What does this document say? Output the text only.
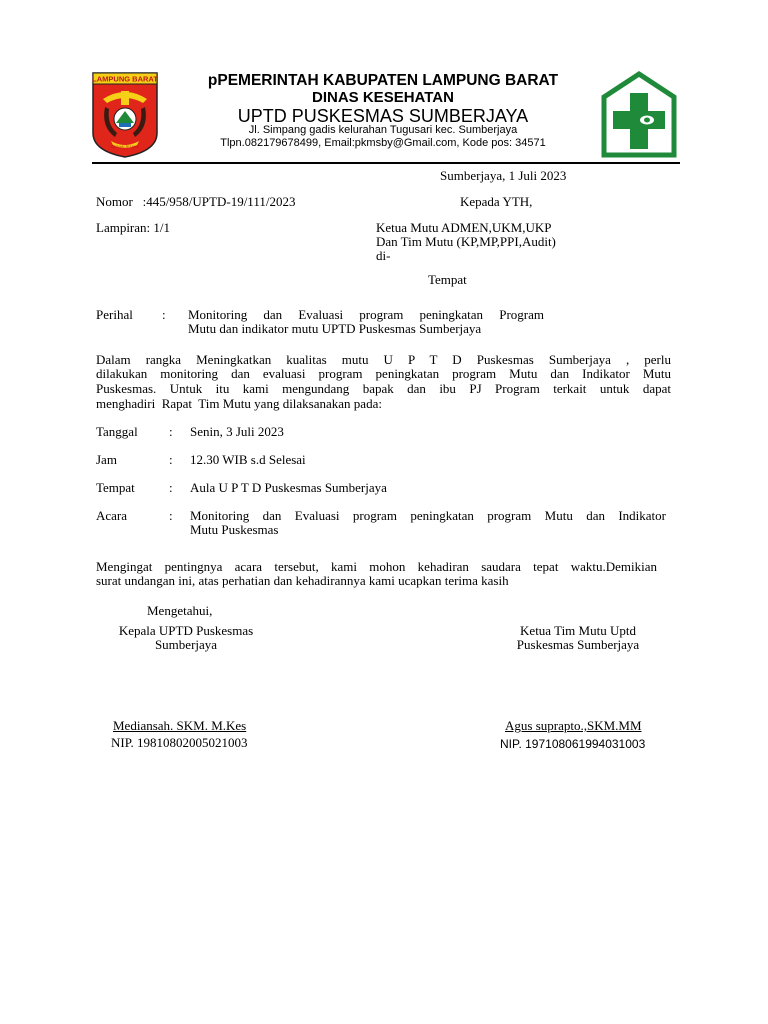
LAMPUNG BARAT
BEGUAI JEJAMA
pPEMERINTAH KABUPATEN LAMPUNG BARAT
DINAS KESEHATAN
UPTD PUSKESMAS SUMBERJAYA
Jl. Simpang gadis kelurahan Tugusari kec. Sumberjaya
Tlpn.082179678499, Email:pkmsby@Gmail.com, Kode pos: 34571
Sumberjaya, 1 Juli 2023
Nomor   :445/958/UPTD-19/111/2023	Kepada YTH,
Lampiran: 1/1	Ketua Mutu ADMEN,UKM,UKP
Dan Tim Mutu (KP,MP,PPI,Audit)
di-
Tempat
Perihal : Monitoring dan Evaluasi program peningkatan Program
Mutu dan indikator mutu UPTD Puskesmas Sumberjaya
Dalam rangka Meningkatkan kualitas mutu U P T D Puskesmas Sumberjaya , perlu
dilakukan monitoring dan evaluasi program peningkatan program Mutu dan Indikator Mutu
Puskesmas. Untuk itu kami mengundang bapak dan ibu PJ Program terkait untuk dapat
menghadiri  Rapat  Tim Mutu yang dilaksanakan pada:
Tanggal : Senin, 3 Juli 2023
Jam	: 12.30 WIB s.d Selesai
Tempat	: Aula U P T D Puskesmas Sumberjaya
Acara	: Monitoring dan Evaluasi program peningkatan program Mutu dan Indikator
Mutu Puskesmas
Mengingat pentingnya acara tersebut, kami mohon kehadiran saudara tepat waktu.Demikian
surat undangan ini, atas perhatian dan kehadirannya kami ucapkan terima kasih
Mengetahui,
Kepala UPTD Puskesmas
Sumberjaya
Ketua Tim Mutu Uptd
Puskesmas Sumberjaya
Mediansah. SKM. M.Kes
NIP. 19810802005021003
Agus suprapto.,SKM.MM
NIP. 197108061994031003
